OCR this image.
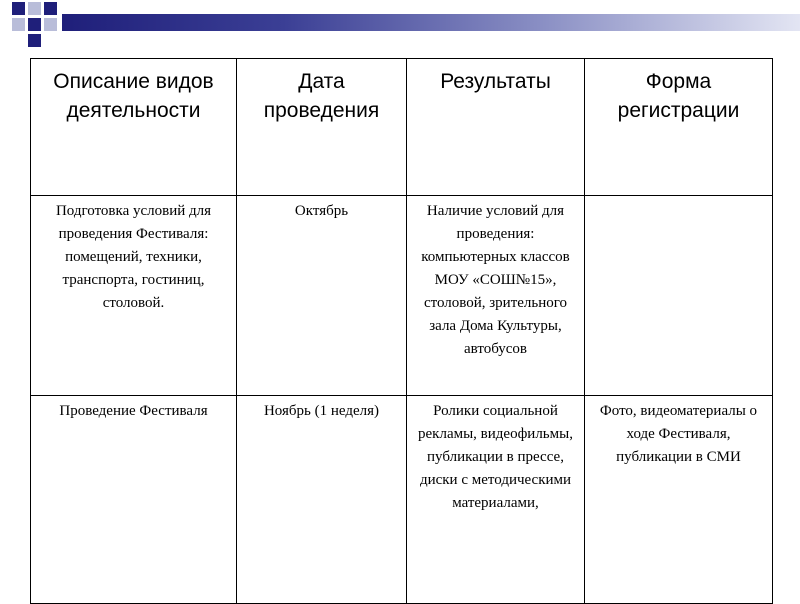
Описание видов деятельности	Дата проведения	Результаты	Форма регистрации
Подготовка условий для проведения Фестиваля: помещений, техники, транспорта, гостиниц, столовой.	Октябрь	Наличие условий для проведения: компьютерных классов МОУ «СОШ№15», столовой, зрительного зала Дома Культуры, автобусов	
Проведение Фестиваля	Ноябрь (1 неделя)	Ролики социальной рекламы, видеофильмы, публикации в прессе, диски с методическими материалами,	Фото, видеоматериалы о ходе Фестиваля, публикации в СМИ
